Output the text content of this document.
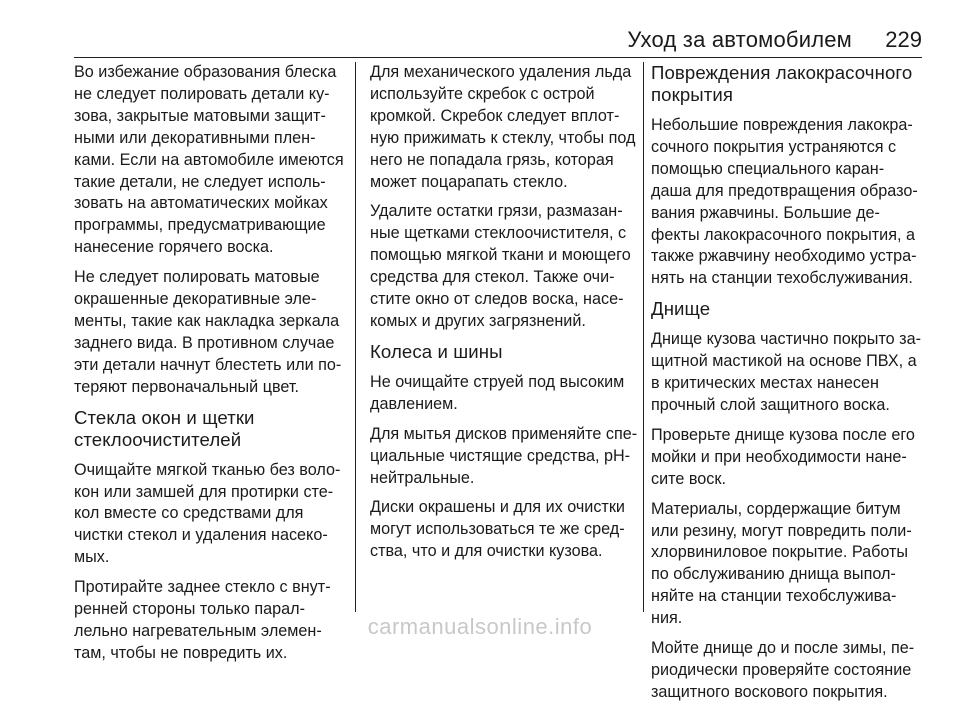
Уход за автомобилем 229
Во избежание образования блеска
не следует полировать детали ку-
зова, закрытые матовыми защит-
ными или декоративными плен-
ками. Если на автомобиле имеются
такие детали, не следует исполь-
зовать на автоматических мойках
программы, предусматривающие
нанесение горячего воска.
Не следует полировать матовые
окрашенные декоративные эле-
менты, такие как накладка зеркала
заднего вида. В противном случае
эти детали начнут блестеть или по-
теряют первоначальный цвет.
Стекла окон и щетки
стеклоочистителей
Очищайте мягкой тканью без воло-
кон или замшей для протирки сте-
кол вместе со средствами для
чистки стекол и удаления насеко-
мых.
Протирайте заднее стекло с внут-
ренней стороны только парал-
лельно нагревательным элемен-
там, чтобы не повредить их.
Для механического удаления льда
используйте скребок с острой
кромкой. Скребок следует вплот-
ную прижимать к стеклу, чтобы под
него не попадала грязь, которая
может поцарапать стекло.
Удалите остатки грязи, размазан-
ные щетками стеклоочистителя, с
помощью мягкой ткани и моющего
средства для стекол. Также очи-
стите окно от следов воска, насе-
комых и других загрязнений.
Колеса и шины
Не очищайте струей под высоким
давлением.
Для мытья дисков применяйте спе-
циальные чистящие средства, pH-
нейтральные.
Диски окрашены и для их очистки
могут использоваться те же сред-
ства, что и для очистки кузова.
Повреждения лакокрасочного
покрытия
Небольшие повреждения лакокра-
сочного покрытия устраняются с
помощью специального каран-
даша для предотвращения образо-
вания ржавчины. Большие де-
фекты лакокрасочного покрытия, а
также ржавчину необходимо устра-
нять на станции техобслуживания.
Днище
Днище кузова частично покрыто за-
щитной мастикой на основе ПВХ, а
в критических местах нанесен
прочный слой защитного воска.
Проверьте днище кузова после его
мойки и при необходимости нане-
сите воск.
Материалы, сордержащие битум
или резину, могут повредить поли-
хлорвиниловое покрытие. Работы
по обслуживанию днища выпол-
няйте на станции техобслужива-
ния.
Мойте днище до и после зимы, пе-
риодически проверяйте состояние
защитного воскового покрытия.
carmanualsonline.info
